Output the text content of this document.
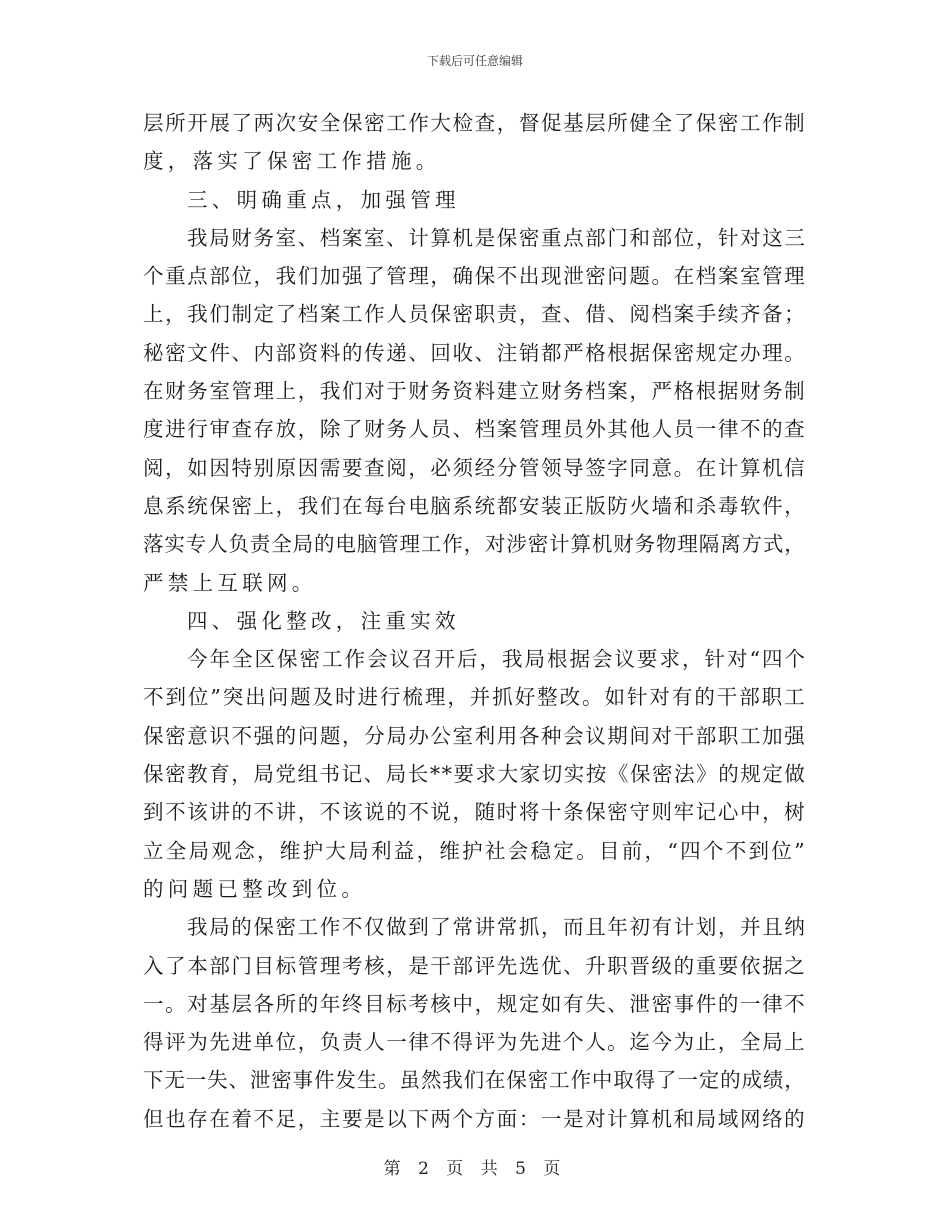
下载后可任意编辑
层 所 开 展 了 两 次 安 全 保 密 工 作 大 检 查 ， 督 促 基 层 所 健 全 了 保 密 工 作 制
度，落实了保密工作措施。
三、明确重点，加强管理
我 局 财 务 室 、 档 案 室 、 计 算 机 是 保 密 重 点 部 门 和 部 位 ， 针 对 这 三
个 重 点 部 位 ， 我 们 加 强 了 管 理 ， 确 保 不 出 现 泄 密 问 题 。 在 档 案 室 管 理
上 ， 我 们 制 定 了 档 案 工 作 人 员 保 密 职 责 ， 查 、 借 、 阅 档 案 手 续 齐 备 ；
秘 密 文 件 、 内 部 资 料 的 传 递 、 回 收 、 注 销 都 严 格 根 据 保 密 规 定 办 理 。
在 财 务 室 管 理 上 ， 我 们 对 于 财 务 资 料 建 立 财 务 档 案 ， 严 格 根 据 财 务 制
度 进 行 审 查 存 放 ， 除 了 财 务 人 员 、 档 案 管 理 员 外 其 他 人 员 一 律 不 的 查
阅 ， 如 因 特 别 原 因 需 要 查 阅 ， 必 须 经 分 管 领 导 签 字 同 意 。 在 计 算 机 信
息 系 统 保 密 上 ， 我 们 在 每 台 电 脑 系 统 都 安 装 正 版 防 火 墙 和 杀 毒 软 件 ，
落 实 专 人 负 责 全 局 的 电 脑 管 理 工 作 ， 对 涉 密 计 算 机 财 务 物 理 隔 离 方 式 ，
严禁上互联网。
四、强化整改，注重实效
今 年 全 区 保 密 工 作 会 议 召 开 后 ， 我 局 根 据 会 议 要 求 ， 针 对 “ 四 个
不 到 位 ” 突 出 问 题 及 时 进 行 梳 理 ， 并 抓 好 整 改 。 如 针 对 有 的 干 部 职 工
保 密 意 识 不 强 的 问 题 ， 分 局 办 公 室 利 用 各 种 会 议 期 间 对 干 部 职 工 加 强
保 密 教 育 ， 局 党 组 书 记 、 局 长 * * 要 求 大 家 切 实 按 《 保 密 法 》 的 规 定 做
到 不 该 讲 的 不 讲 ， 不 该 说 的 不 说 ， 随 时 将 十 条 保 密 守 则 牢 记 心 中 ， 树
立 全 局 观 念 ， 维 护 大 局 利 益 ， 维 护 社 会 稳 定 。 目 前 ， “ 四 个 不 到 位 ”
的问题已整改到位。
我 局 的 保 密 工 作 不 仅 做 到 了 常 讲 常 抓 ， 而 且 年 初 有 计 划 ， 并 且 纳
入 了 本 部 门 目 标 管 理 考 核 ， 是 干 部 评 先 选 优 、 升 职 晋 级 的 重 要 依 据 之
一 。 对 基 层 各 所 的 年 终 目 标 考 核 中 ， 规 定 如 有 失 、 泄 密 事 件 的 一 律 不
得 评 为 先 进 单 位 ， 负 责 人 一 律 不 得 评 为 先 进 个 人 。 迄 今 为 止 ， 全 局 上
下 无 一 失 、 泄 密 事 件 发 生 。 虽 然 我 们 在 保 密 工 作 中 取 得 了 一 定 的 成 绩 ，
但 也 存 在 着 不 足 ， 主 要 是 以 下 两 个 方 面 ： 一 是 对 计 算 机 和 局 域 网 络 的
第 2 页 共 5 页
